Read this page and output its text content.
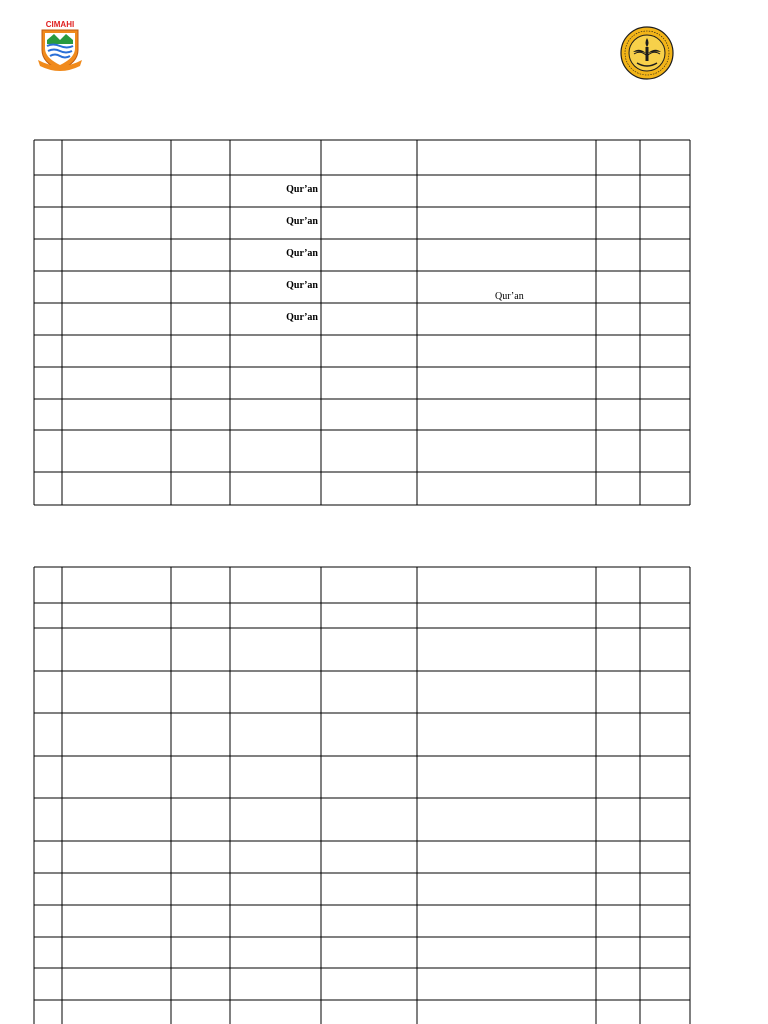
CIMAHI
Qur’an
Qur’an
Qur’an
Qur’an
Qur’an
Qur’an
